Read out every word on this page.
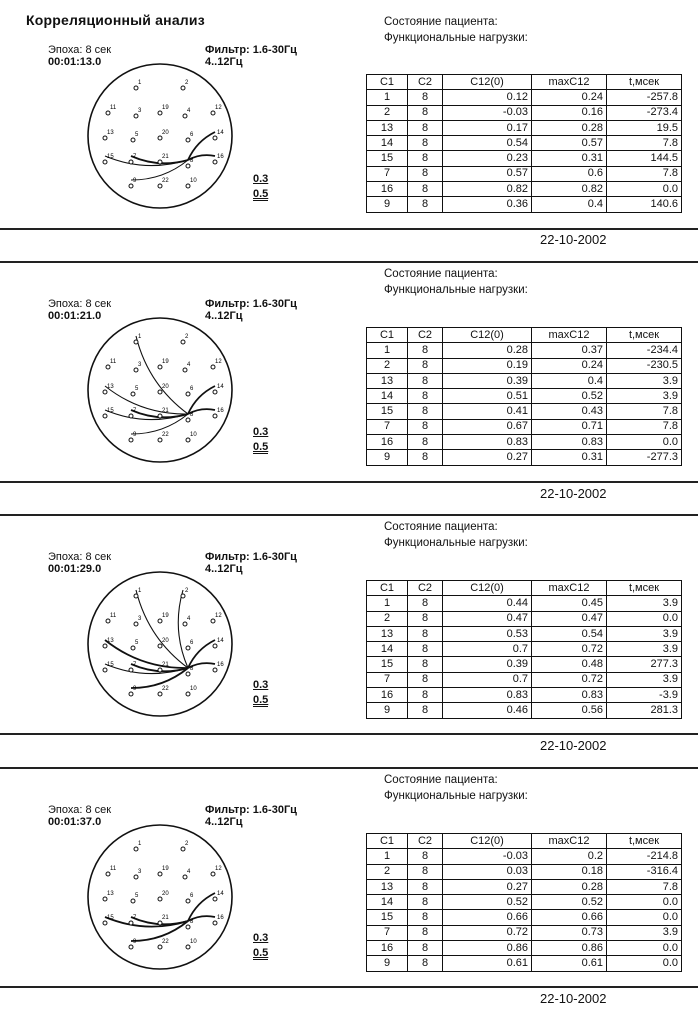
Корреляционный анализ	Состояние пациента:
Функциональные нагрузки:
Эпоха: 8 сек
00:01:13.0
Фильтр: 1.6-30Гц
4..12Гц
1	2
11	3	19	4	12
13	5	20	6	14
15	7	21
8
16
9	22	10	0.3
0.5
C1	C2	C12(0)	maxC12	t,мсек
1	8	0.12	0.24	-257.8
2	8	-0.03	0.16	-273.4
13	8	0.17	0.28	19.5
14	8	0.54	0.57	7.8
15	8	0.23	0.31	144.5
7	8	0.57	0.6	7.8
16	8	0.82	0.82	0.0
9	8	0.36	0.4	140.6
22-10-2002
Состояние пациента:
Функциональные нагрузки:
Эпоха: 8 сек
00:01:21.0
Фильтр: 1.6-30Гц
4..12Гц
1	2
11	3	19	4	12
13	5	20	6	14
15	7	21
8
16
9	22	10	0.3
0.5
C1	C2	C12(0)	maxC12	t,мсек
1	8	0.28	0.37	-234.4
2	8	0.19	0.24	-230.5
13	8	0.39	0.4	3.9
14	8	0.51	0.52	3.9
15	8	0.41	0.43	7.8
7	8	0.67	0.71	7.8
16	8	0.83	0.83	0.0
9	8	0.27	0.31	-277.3
22-10-2002
Состояние пациента:
Функциональные нагрузки:
Эпоха: 8 сек
00:01:29.0
Фильтр: 1.6-30Гц
4..12Гц
1	2
11	3	19	4	12
13	5	20	6	14
15	7	21
8
16
9	22	10	0.3
0.5
C1	C2	C12(0)	maxC12	t,мсек
1	8	0.44	0.45	3.9
2	8	0.47	0.47	0.0
13	8	0.53	0.54	3.9
14	8	0.7	0.72	3.9
15	8	0.39	0.48	277.3
7	8	0.7	0.72	3.9
16	8	0.83	0.83	-3.9
9	8	0.46	0.56	281.3
22-10-2002
Состояние пациента:
Функциональные нагрузки:
Эпоха: 8 сек
00:01:37.0
Фильтр: 1.6-30Гц
4..12Гц
1	2
11	3	19	4	12
13	5	20	6	14
15	7	21
8
16
9	22	10	0.3
0.5
C1	C2	C12(0)	maxC12	t,мсек
1	8	-0.03	0.2	-214.8
2	8	0.03	0.18	-316.4
13	8	0.27	0.28	7.8
14	8	0.52	0.52	0.0
15	8	0.66	0.66	0.0
7	8	0.72	0.73	3.9
16	8	0.86	0.86	0.0
9	8	0.61	0.61	0.0
22-10-2002
